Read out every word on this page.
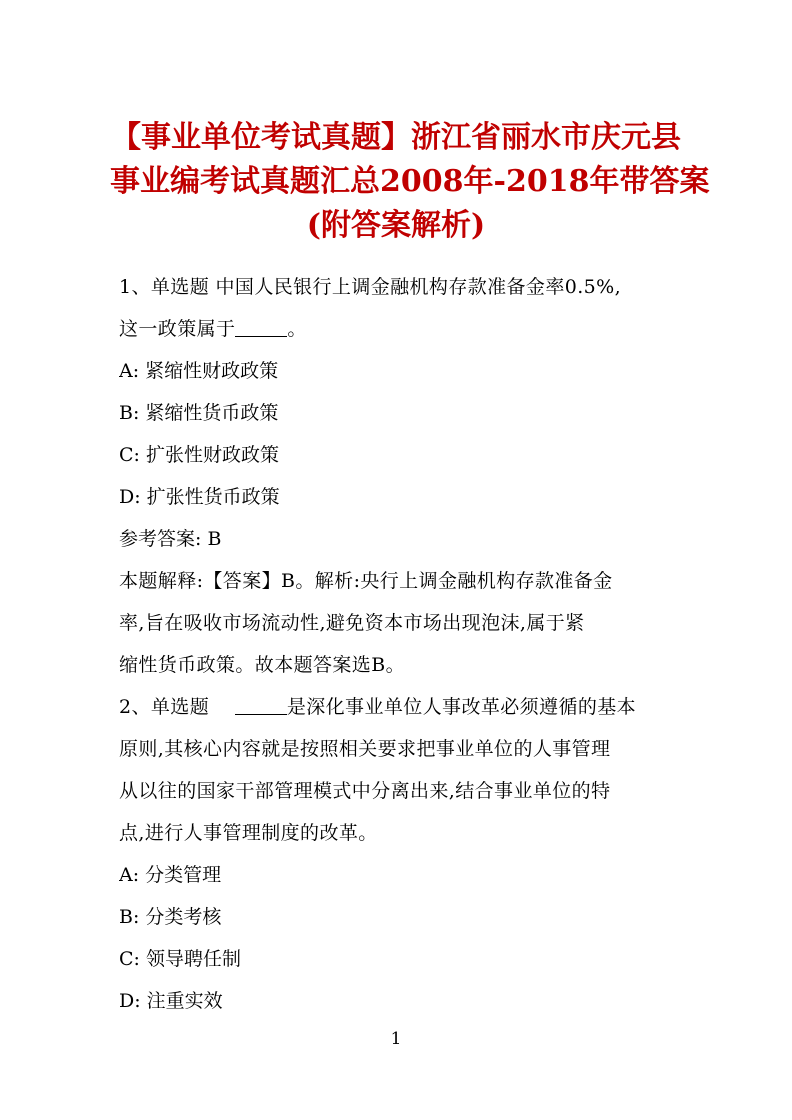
【事业单位考试真题】浙江省丽水市庆元县
事业编考试真题汇总2008年-2018年带答案
(附答案解析)
1、单选题 中国人民银行上调金融机构存款准备金率0.5%,
这一政策属于	。
A: 紧缩性财政政策
B: 紧缩性货币政策
C: 扩张性财政政策
D: 扩张性货币政策
参考答案: B
本题解释:【答案】B。解析:央行上调金融机构存款准备金
率,旨在吸收市场流动性,避免资本市场出现泡沫,属于紧
缩性货币政策。故本题答案选B。
2、单选题	是深化事业单位人事改革必须遵循的基本
原则,其核心内容就是按照相关要求把事业单位的人事管理
从以往的国家干部管理模式中分离出来,结合事业单位的特
点,进行人事管理制度的改革。
A: 分类管理
B: 分类考核
C: 领导聘任制
D: 注重实效
1
